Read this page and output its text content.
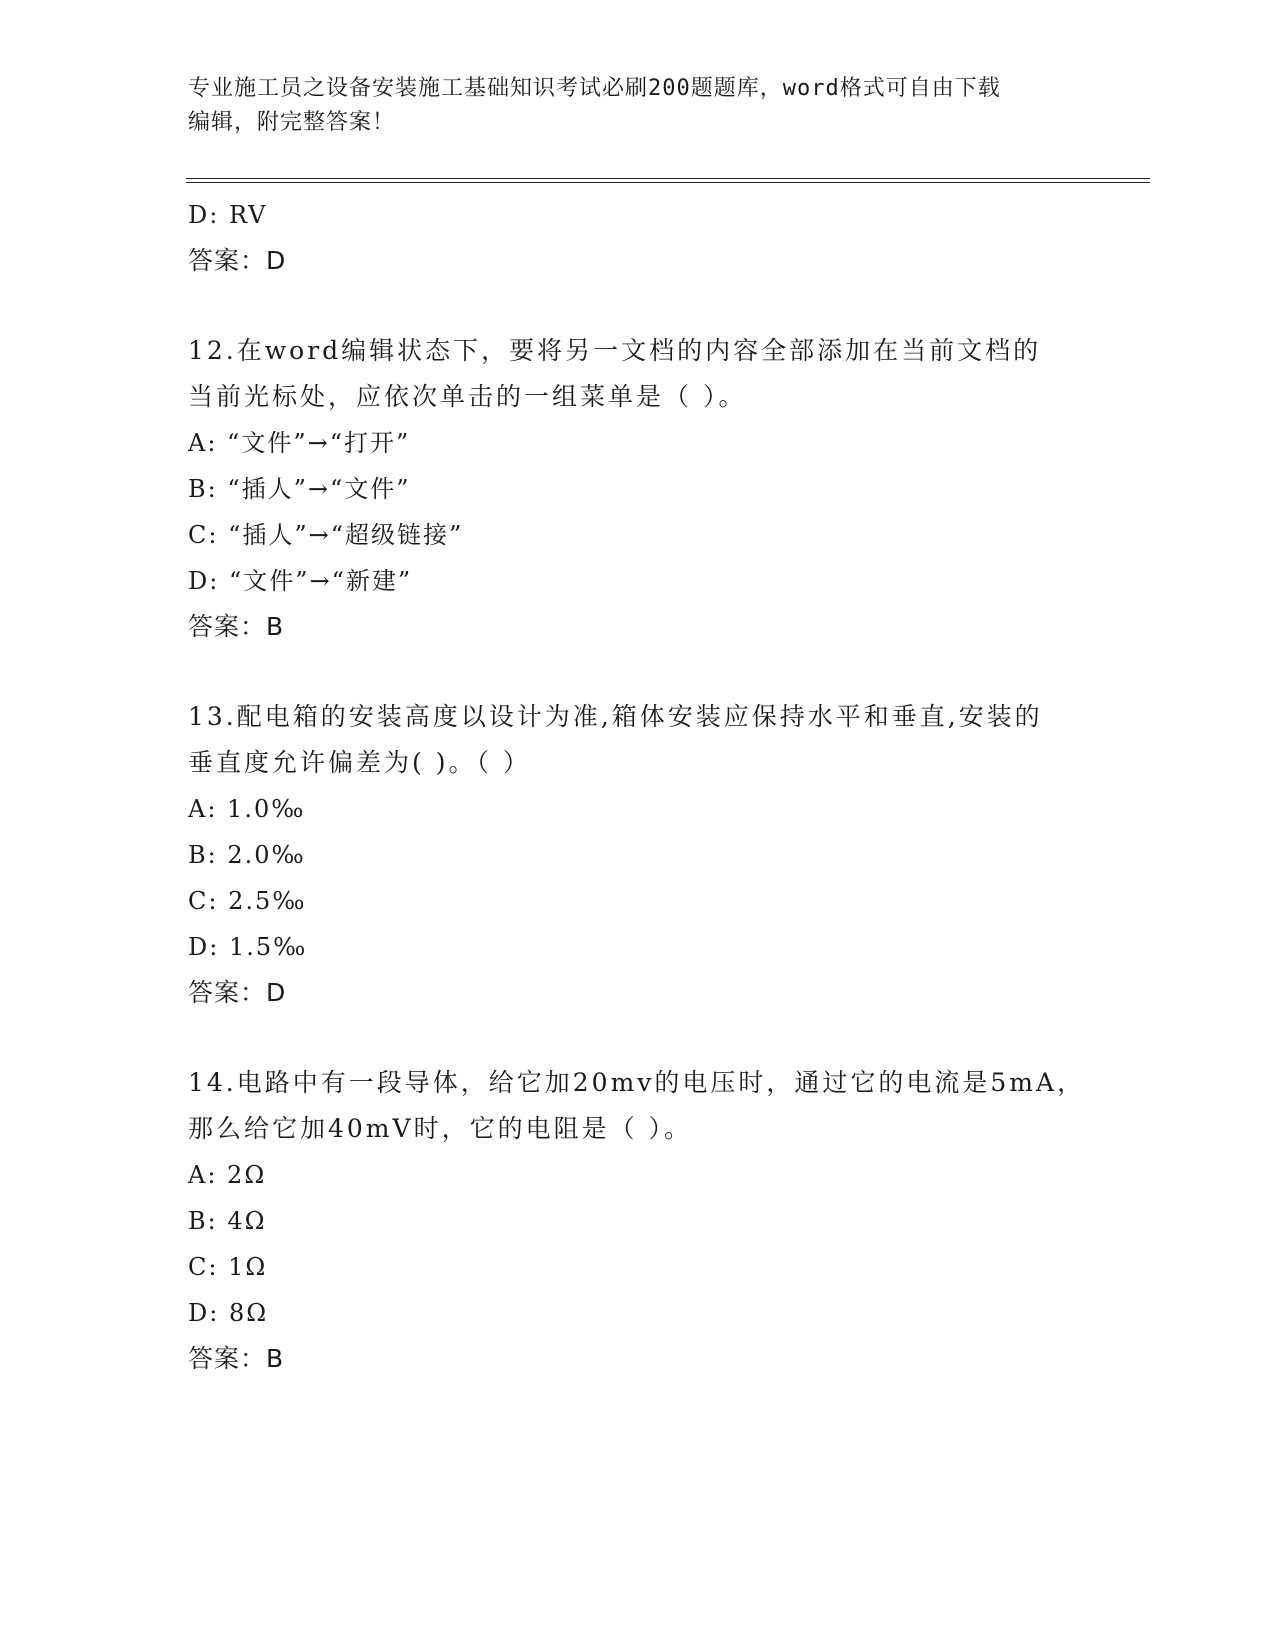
专业施工员之设备安装施工基础知识考试必刷200题题库，word格式可自由下载
编辑，附完整答案！
D: RV
答案：D
12.在word编辑状态下，要将另一文档的内容全部添加在当前文档的
当前光标处，应依次单击的一组菜单是（ ）。
A: “文件”→“打开”
B: “插人”→“文件”
C: “插人”→“超级链接”
D: “文件”→“新建”
答案：B
13.配电箱的安装高度以设计为准,箱体安装应保持水平和垂直,安装的
垂直度允许偏差为( )。（ ）
A: 1.0‰
B: 2.0‰
C: 2.5‰
D: 1.5‰
答案：D
14.电路中有一段导体，给它加20mv的电压时，通过它的电流是5mA，
那么给它加40mV时，它的电阻是（ ）。
A: 2Ω
B: 4Ω
C: 1Ω
D: 8Ω
答案：B
